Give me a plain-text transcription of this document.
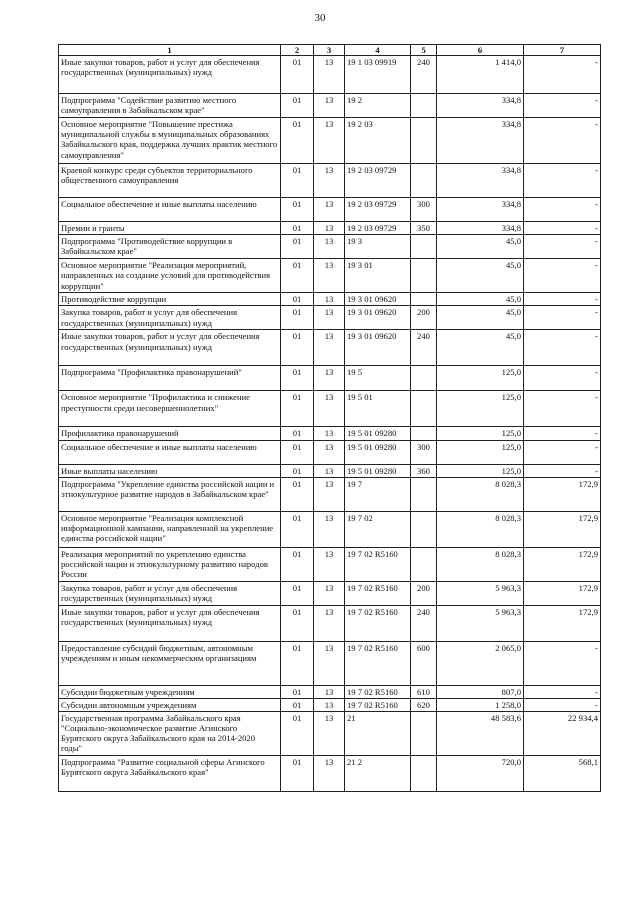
30
1	2	3	4	5	6	7
Иные закупки товаров, работ и услуг для обеспечения государственных (муниципальных) нужд	01	13	19 1 03 09919	240	1 414,0	-
Подпрограмма "Содействие развитию местного самоуправления в Забайкальском крае"	01	13	19 2		334,8	-
Основное мероприятие "Повышение престижа муниципальной службы в муниципальных образованиях Забайкальского края, поддержка лучших практик местного самоуправления"	01	13	19 2 03		334,8	-
Краевой конкурс среди субъектов территориального общественного самоуправления	01	13	19 2 03 09729		334,8	-
Социальное обеспечение и иные выплаты населению	01	13	19 2 03 09729	300	334,8	-
Премии и гранты	01	13	19 2 03 09729	350	334,8	-
Подпрограмма "Противодействие коррупции в Забайкальском крае"	01	13	19 3		45,0	-
Основное мероприятие "Реализация мероприятий, направленных на создание условий для противодействия коррупции"	01	13	19 3 01		45,0	-
Противодействие коррупции	01	13	19 3 01 09620		45,0	-
Закупка товаров, работ и услуг для обеспечения государственных (муниципальных) нужд	01	13	19 3 01 09620	200	45,0	-
Иные закупки товаров, работ и услуг для обеспечения государственных (муниципальных) нужд	01	13	19 3 01 09620	240	45,0	-
Подпрограмма "Профилактика правонарушений"	01	13	19 5		125,0	-
Основное мероприятие "Профилактика и снижение преступности среди несовершеннолетних"	01	13	19 5 01		125,0	-
Профилактика правонарушений	01	13	19 5 01 09280		125,0	-
Социальное обеспечение и иные выплаты населению	01	13	19 5 01 09280	300	125,0	-
Иные выплаты населению	01	13	19 5 01 09280	360	125,0	-
Подпрограмма "Укрепление единства российской нации и этнокультурное развитие народов в Забайкальском крае"	01	13	19 7		8 028,3	172,9
Основное мероприятие "Реализация комплексной информационной кампании, направленной на укрепление единства российской нации"	01	13	19 7 02		8 028,3	172,9
Реализация мероприятий по укреплению единства российской нации и этнокультурному развитию народов России	01	13	19 7 02 R5160		8 028,3	172,9
Закупка товаров, работ и услуг для обеспечения государственных (муниципальных) нужд	01	13	19 7 02 R5160	200	5 963,3	172,9
Иные закупки товаров, работ и услуг для обеспечения государственных (муниципальных) нужд	01	13	19 7 02 R5160	240	5 963,3	172,9
Предоставление субсидий бюджетным, автономным учреждениям и иным некоммерческим организациям	01	13	19 7 02 R5160	600	2 065,0	-
Субсидии бюджетным учреждениям	01	13	19 7 02 R5160	610	807,0	-
Субсидии автономным учреждениям	01	13	19 7 02 R5160	620	1 258,0	-
Государственная программа Забайкальского края "Социально-экономическое развитие Агинского Бурятского округа Забайкальского края на 2014-2020 годы"	01	13	21		48 583,6	22 934,4
Подпрограмма "Развитие социальной сферы Агинского Бурятского округа Забайкальского края"	01	13	21 2		720,0	568,1
